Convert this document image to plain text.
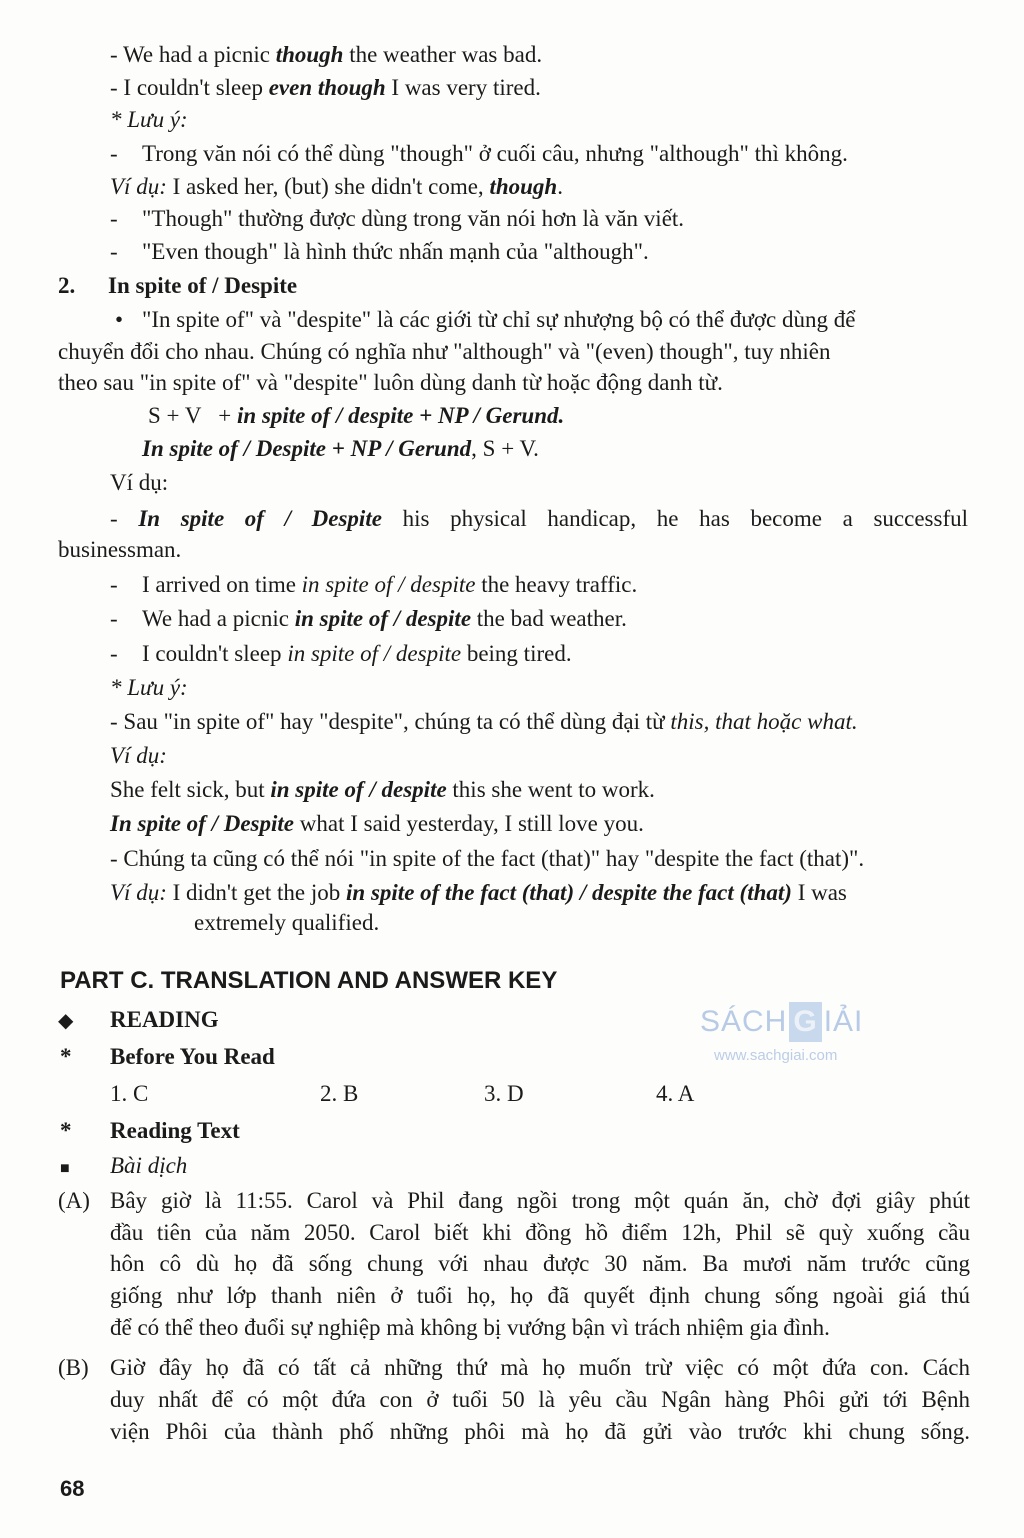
- We had a picnic though the weather was bad.
- I couldn't sleep even though I was very tired.
* Lưu ý:
- Trong văn nói có thể dùng "though" ở cuối câu, nhưng "although" thì không.
Ví dụ: I asked her, (but) she didn't come, though.
- "Though" thường được dùng trong văn nói hơn là văn viết.
- "Even though" là hình thức nhấn mạnh của "although".
2. In spite of / Despite
• "In spite of" và "despite" là các giới từ chỉ sự nhượng bộ có thể được dùng để
chuyển đổi cho nhau. Chúng có nghĩa như "although" và "(even) though", tuy nhiên
theo sau "in spite of" và "despite" luôn dùng danh từ hoặc động danh từ.
S + V   + in spite of / despite + NP / Gerund.
In spite of / Despite + NP / Gerund, S + V.
Ví dụ:
- In spite of / Despite his physical handicap, he has become a successful
businessman.
- I arrived on time in spite of / despite the heavy traffic.
- We had a picnic in spite of / despite the bad weather.
- I couldn't sleep in spite of / despite being tired.
* Lưu ý:
- Sau "in spite of" hay "despite", chúng ta có thể dùng đại từ this, that hoặc what.
Ví dụ:
She felt sick, but in spite of / despite this she went to work.
In spite of / Despite what I said yesterday, I still love you.
- Chúng ta cũng có thể nói "in spite of the fact (that)" hay "despite the fact (that)".
Ví dụ: I didn't get the job in spite of the fact (that) / despite the fact (that) I was
extremely qualified.
PART C. TRANSLATION AND ANSWER KEY
◆ READING	SÁCH G IẢI
www.sachgiai.com
* Before You Read
1. C	2. B	3. D	4. A
* Reading Text
■ Bài dịch
(A) Bây giờ là 11:55. Carol và Phil đang ngồi trong một quán ăn, chờ đợi giây phút
đầu tiên của năm 2050. Carol biết khi đồng hồ điểm 12h, Phil sẽ quỳ xuống cầu
hôn cô dù họ đã sống chung với nhau được 30 năm. Ba mươi năm trước cũng
giống như lớp thanh niên ở tuổi họ, họ đã quyết định chung sống ngoài giá thú
để có thể theo đuổi sự nghiệp mà không bị vướng bận vì trách nhiệm gia đình.
(B) Giờ đây họ đã có tất cả những thứ mà họ muốn trừ việc có một đứa con. Cách
duy nhất để có một đứa con ở tuổi 50 là yêu cầu Ngân hàng Phôi gửi tới Bệnh
viện Phôi của thành phố những phôi mà họ đã gửi vào trước khi chung sống.
68
